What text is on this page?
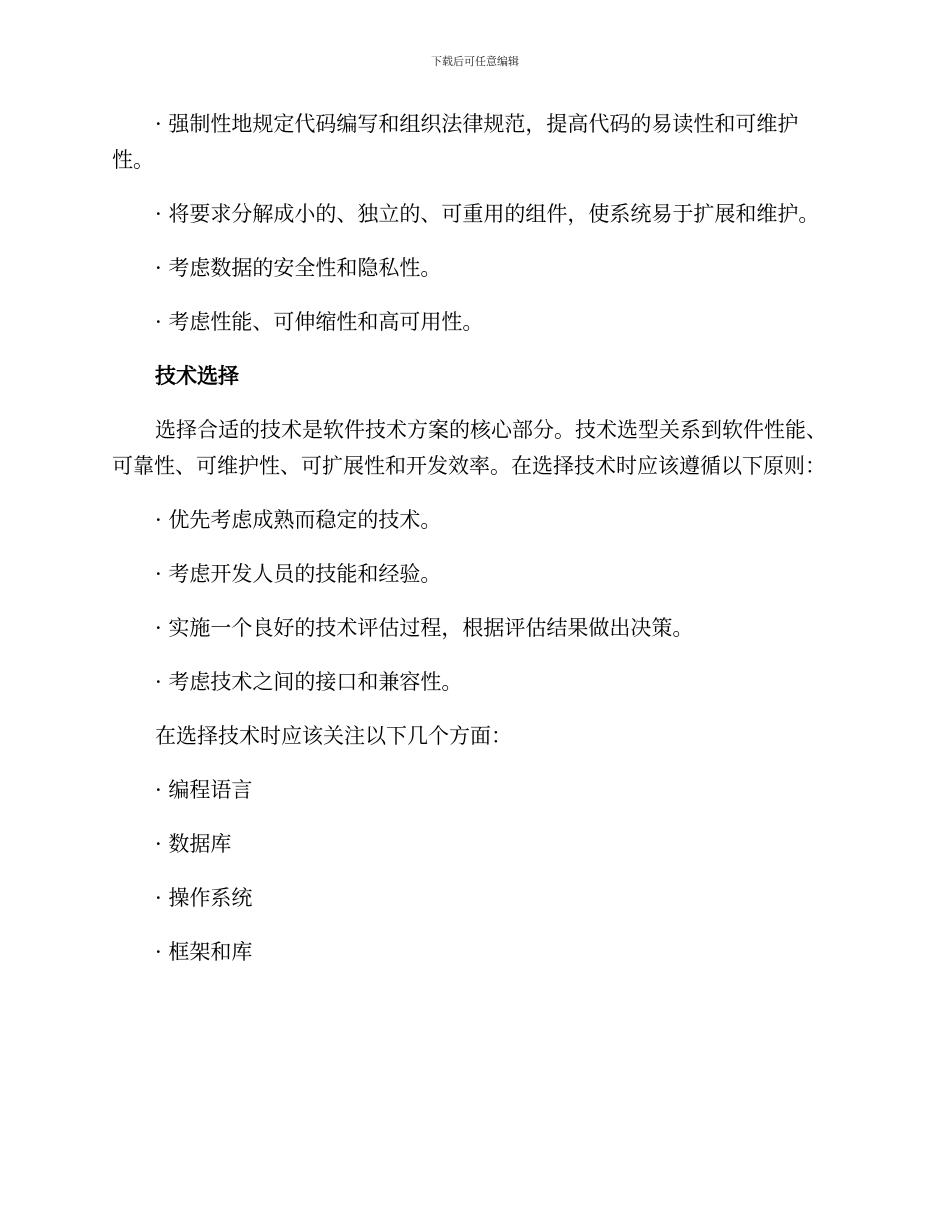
下载后可任意编辑

· 强制性地规定代码编写和组织法律规范，提高代码的易读性和可维护性。

· 将要求分解成小的、独立的、可重用的组件，使系统易于扩展和维护。

· 考虑数据的安全性和隐私性。

· 考虑性能、可伸缩性和高可用性。

技术选择

选择合适的技术是软件技术方案的核心部分。技术选型关系到软件性能、可靠性、可维护性、可扩展性和开发效率。在选择技术时应该遵循以下原则：

· 优先考虑成熟而稳定的技术。

· 考虑开发人员的技能和经验。

· 实施一个良好的技术评估过程，根据评估结果做出决策。

· 考虑技术之间的接口和兼容性。

在选择技术时应该关注以下几个方面：

· 编程语言

· 数据库

· 操作系统

· 框架和库
